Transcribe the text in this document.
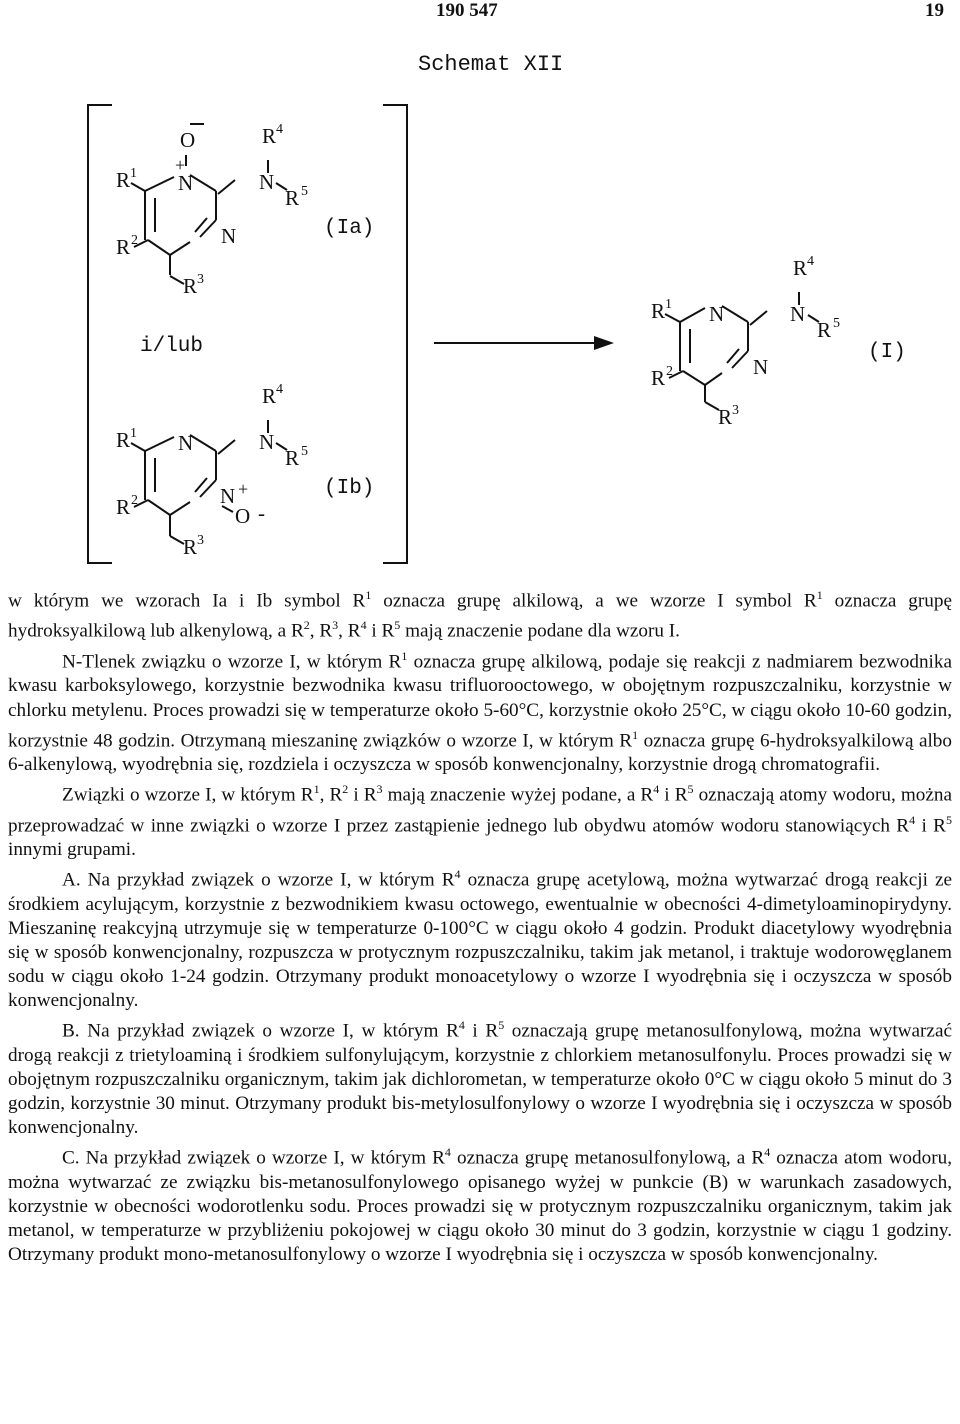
190 547	19
Schemat XII
O
+
N
R 1
R 4
N
R 5
N
R 2
R 3
(Ia)
i/lub
N
R 1
R 4
N
R 5
N +
O -
R 2
R 3
(Ib)
N
R 1
R 4
N
R 5
N
R 2
R 3
(I)

w którym we wzorach Ia i Ib symbol $R^1$ oznacza grupę alkilową, a we wzorze I symbol $R^1$ oznacza grupę hydroksyalkilową lub alkenylową, a $R^2$, $R^3$, $R^4$ i $R^5$ mają znaczenie podane dla wzoru I.

N-Tlenek związku o wzorze I, w którym $R^1$ oznacza grupę alkilową, podaje się reakcji z nadmiarem bezwodnika kwasu karboksylowego, korzystnie bezwodnika kwasu trifluorooctowego, w obojętnym rozpuszczalniku, korzystnie w chlorku metylenu. Proces prowadzi się w temperaturze około 5-60°C, korzystnie około 25°C, w ciągu około 10-60 godzin, korzystnie 48 godzin. Otrzymaną mieszaninę związków o wzorze I, w którym $R^1$ oznacza grupę 6-hydroksyalkilową albo 6-alkenylową, wyodrębnia się, rozdziela i oczyszcza w sposób konwencjonalny, korzystnie drogą chromatografii.

Związki o wzorze I, w którym $R^1$, $R^2$ i $R^3$ mają znaczenie wyżej podane, a $R^4$ i $R^5$ oznaczają atomy wodoru, można przeprowadzać w inne związki o wzorze I przez zastąpienie jednego lub obydwu atomów wodoru stanowiących $R^4$ i $R^5$ innymi grupami.

A. Na przykład związek o wzorze I, w którym $R^4$ oznacza grupę acetylową, można wytwarzać drogą reakcji ze środkiem acylującym, korzystnie z bezwodnikiem kwasu octowego, ewentualnie w obecności 4-dimetyloaminopirydyny. Mieszaninę reakcyjną utrzymuje się w temperaturze 0-100°C w ciągu około 4 godzin. Produkt diacetylowy wyodrębnia się w sposób konwencjonalny, rozpuszcza w protycznym rozpuszczalniku, takim jak metanol, i traktuje wodorowęglanem sodu w ciągu około 1-24 godzin. Otrzymany produkt monoacetylowy o wzorze I wyodrębnia się i oczyszcza w sposób konwencjonalny.

B. Na przykład związek o wzorze I, w którym $R^4$ i $R^5$ oznaczają grupę metanosulfonylową, można wytwarzać drogą reakcji z trietyloaminą i środkiem sulfonylującym, korzystnie z chlorkiem metanosulfonylu. Proces prowadzi się w obojętnym rozpuszczalniku organicznym, takim jak dichlorometan, w temperaturze około 0°C w ciągu około 5 minut do 3 godzin, korzystnie 30 minut. Otrzymany produkt bis-metylosulfonylowy o wzorze I wyodrębnia się i oczyszcza w sposób konwencjonalny.

C. Na przykład związek o wzorze I, w którym $R^4$ oznacza grupę metanosulfonylową, a $R^4$ oznacza atom wodoru, można wytwarzać ze związku bis-metanosulfonylowego opisanego wyżej w punkcie (B) w warunkach zasadowych, korzystnie w obecności wodorotlenku sodu. Proces prowadzi się w protycznym rozpuszczalniku organicznym, takim jak metanol, w temperaturze w przybliżeniu pokojowej w ciągu około 30 minut do 3 godzin, korzystnie w ciągu 1 godziny. Otrzymany produkt mono-metanosulfonylowy o wzorze I wyodrębnia się i oczyszcza w sposób konwencjonalny.
